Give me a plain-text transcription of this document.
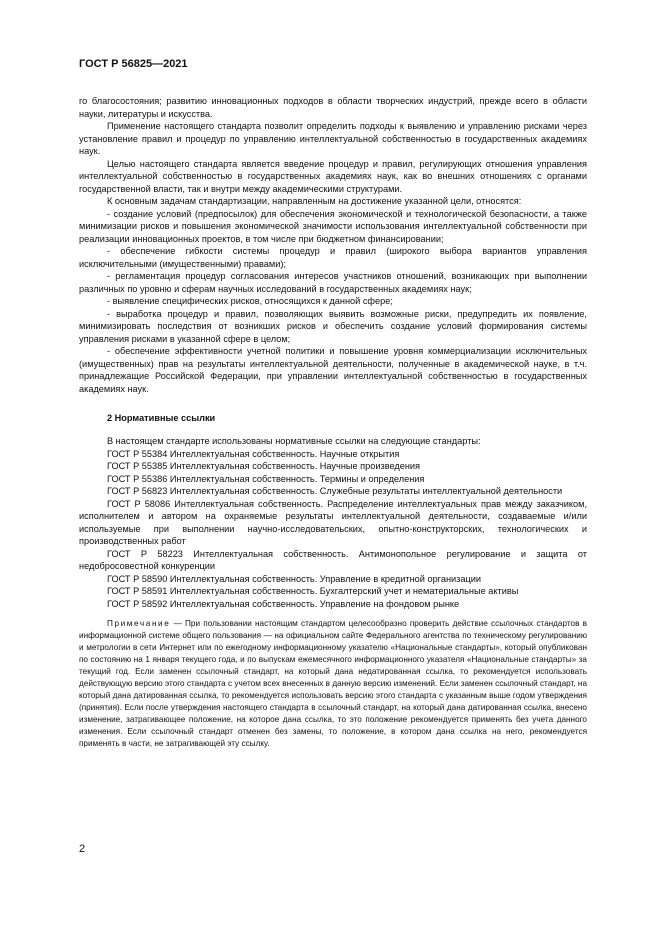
ГОСТ Р 56825—2021

го благосостояния; развитию инновационных подходов в области творческих индустрий, прежде всего в области науки, литературы и искусства.

Применение настоящего стандарта позволит определить подходы к выявлению и управлению рисками через установление правил и процедур по управлению интеллектуальной собственностью в государственных академиях наук.

Целью настоящего стандарта является введение процедур и правил, регулирующих отношения управления интеллектуальной собственностью в государственных академиях наук, как во внешних отношениях с органами государственной власти, так и внутри между академическими структурами.

К основным задачам стандартизации, направленным на достижение указанной цели, относятся:

- создание условий (предпосылок) для обеспечения экономической и технологической безопасности, а также минимизации рисков и повышения экономической значимости использования интеллектуальной собственности при реализации инновационных проектов, в том числе при бюджетном финансировании;

- обеспечение гибкости системы процедур и правил (широкого выбора вариантов управления исключительными (имущественными) правами);

- регламентация процедур согласования интересов участников отношений, возникающих при выполнении различных по уровню и сферам научных исследований в государственных академиях наук;

- выявление специфических рисков, относящихся к данной сфере;

- выработка процедур и правил, позволяющих выявить возможные риски, предупредить их появление, минимизировать последствия от возникших рисков и обеспечить создание условий формирования системы управления рисками в указанной сфере в целом;

- обеспечение эффективности учетной политики и повышение уровня коммерциализации исключительных (имущественных) прав на результаты интеллектуальной деятельности, полученные в академической науке, в т.ч. принадлежащие Российской Федерации, при управлении интеллектуальной собственностью в государственных академиях наук.

2 Нормативные ссылки

В настоящем стандарте использованы нормативные ссылки на следующие стандарты:

ГОСТ Р 55384 Интеллектуальная собственность. Научные открытия

ГОСТ Р 55385 Интеллектуальная собственность. Научные произведения

ГОСТ Р 55386 Интеллектуальная собственность. Термины и определения

ГОСТ Р 56823 Интеллектуальная собственность. Служебные результаты интеллектуальной деятельности

ГОСТ Р 58086 Интеллектуальная собственность. Распределение интеллектуальных прав между заказчиком, исполнителем и автором на охраняемые результаты интеллектуальной деятельности, создаваемые и/или используемые при выполнении научно-исследовательских, опытно-конструкторских, технологических и производственных работ

ГОСТ Р 58223 Интеллектуальная собственность. Антимонопольное регулирование и защита от недобросовестной конкуренции

ГОСТ Р 58590 Интеллектуальная собственность. Управление в кредитной организации

ГОСТ Р 58591 Интеллектуальная собственность. Бухгалтерский учет и нематериальные активы

ГОСТ Р 58592 Интеллектуальная собственность. Управление на фондовом рынке

Примечание — При пользовании настоящим стандартом целесообразно проверить действие ссылочных стандартов в информационной системе общего пользования — на официальном сайте Федерального агентства по техническому регулированию и метрологии в сети Интернет или по ежегодному информационному указателю «Национальные стандарты», который опубликован по состоянию на 1 января текущего года, и по выпускам ежемесячного информационного указателя «Национальные стандарты» за текущий год. Если заменен ссылочный стандарт, на который дана недатированная ссылка, то рекомендуется использовать действующую версию этого стандарта с учетом всех внесенных в данную версию изменений. Если заменен ссылочный стандарт, на который дана датированная ссылка, то рекомендуется использовать версию этого стандарта с указанным выше годом утверждения (принятия). Если после утверждения настоящего стандарта в ссылочный стандарт, на который дана датированная ссылка, внесено изменение, затрагивающее положение, на которое дана ссылка, то это положение рекомендуется применять без учета данного изменения. Если ссылочный стандарт отменен без замены, то положение, в котором дана ссылка на него, рекомендуется применять в части, не затрагивающей эту ссылку.

2
